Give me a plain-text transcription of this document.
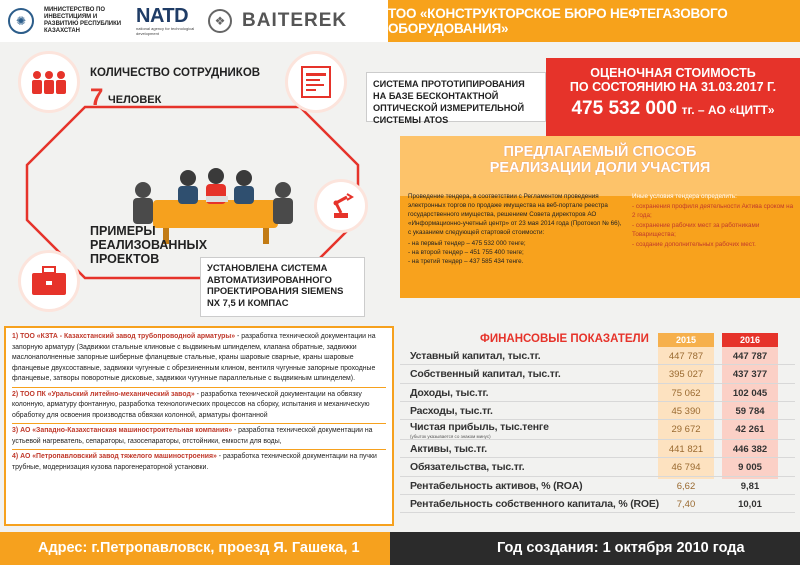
✺
МИНИСТЕРСТВО ПО ИНВЕСТИЦИЯМ И РАЗВИТИЮ РЕСПУБЛИКИ КАЗАХСТАН
NATD
national agency for technological development
❖ BAITEREK	ТОО «КОНСТРУКТОРСКОЕ БЮРО НЕФТЕГАЗОВОГО ОБОРУДОВАНИЯ»
КОЛИЧЕСТВО СОТРУДНИКОВ
7 ЧЕЛОВЕК
СИСТЕМА ПРОТОТИПИРОВАНИЯ НА БАЗЕ БЕСКОНТАКТНОЙ ОПТИЧЕСКОЙ ИЗМЕРИТЕЛЬНОЙ СИСТЕМЫ ATOS
ОЦЕНОЧНАЯ СТОИМОСТЬ
ПО СОСТОЯНИЮ НА 31.03.2017 Г.
475 532 000 тг. – АО «ЦИТТ»
ПРИМЕРЫ РЕАЛИЗОВАННЫХ ПРОЕКТОВ
УСТАНОВЛЕНА СИСТЕМА АВТОМАТИЗИРОВАННОГО ПРОЕКТИРОВАНИЯ SIEMENS NX 7,5 И КОМПАС
ПРЕДЛАГАЕМЫЙ СПОСОБ
РЕАЛИЗАЦИИ ДОЛИ УЧАСТИЯ

Проведение тендера, в соответствии с Регламентом проведения электронных торгов по продаже имущества на веб-портале реестра государственного имущества, решением Совета директоров АО «Информационно-учетный центр» от 23 мая 2014 года (Протокол № 66), с указанием следующей стартовой стоимости:

- на первый тендер – 475 532 000 тенге;
- на второй тендер – 451 755 400 тенге;
- на третий тендер – 437 585 434 тенге.
Иные условия тендера определить:
- сохранения профиля деятельности Актива сроком на 2 года;
- сохранение рабочих мест за работниками Товарищества;
- создание дополнительных рабочих мест.
1) ТОО «КЗТА - Казахстанский завод трубопроводной арматуры» - разработка технической документации на запорную арматуру (Задвижки стальные клиновые с выдвижным шпинделем, клапана обратные, задвижки маслонаполненные запорные шиберные фланцевые стальные, краны шаровые сварные, краны шаровые фланцевые двухсоставные, задвижки чугунные с обрезиненным клином, вентиля чугунные запорные проходные фланцевые, затворы поворотные дисковые, задвижки чугунные параллельные с выдвижным шпинделем).
2) ТОО ПК «Уральский литейно-механический завод» - разработка технической документации на обвязку колонную, арматуру фонтанную, разработка технологических процессов на сборку, испытания и механическую обработку для освоения производства обвязки колонной, арматуры фонтанной
3) АО «Западно-Казахстанская машиностроительная компания» - разработка технической документации на устьевой нагреватель, сепараторы, газосепараторы, отстойники, емкости для воды,
4) АО «Петропавловский завод тяжелого машиностроения» - разработка технической документации на пучки трубные, модернизация кузова парогенераторной установки.
ФИНАНСОВЫЕ ПОКАЗАТЕЛИ	2015	2016
Уставный капитал, тыс.тг.	447 787	447 787
Собственный капитал, тыс.тг.	395 027	437 377
Доходы, тыс.тг.	75 062	102 045
Расходы, тыс.тг.	45 390	59 784
Чистая прибыль, тыс.тенге
(убыток указывается со знаком минус)
29 672	42 261
Активы, тыс.тг.	441 821	446 382
Обязательства, тыс.тг.	46 794	9 005
Рентабельность активов, % (ROA)	6,62	9,81
Рентабельность собственного капитала, % (ROE)	7,40	10,01
Адрес: г.Петропавловск, проезд Я. Гашека, 1	Год создания: 1 октября 2010 года
